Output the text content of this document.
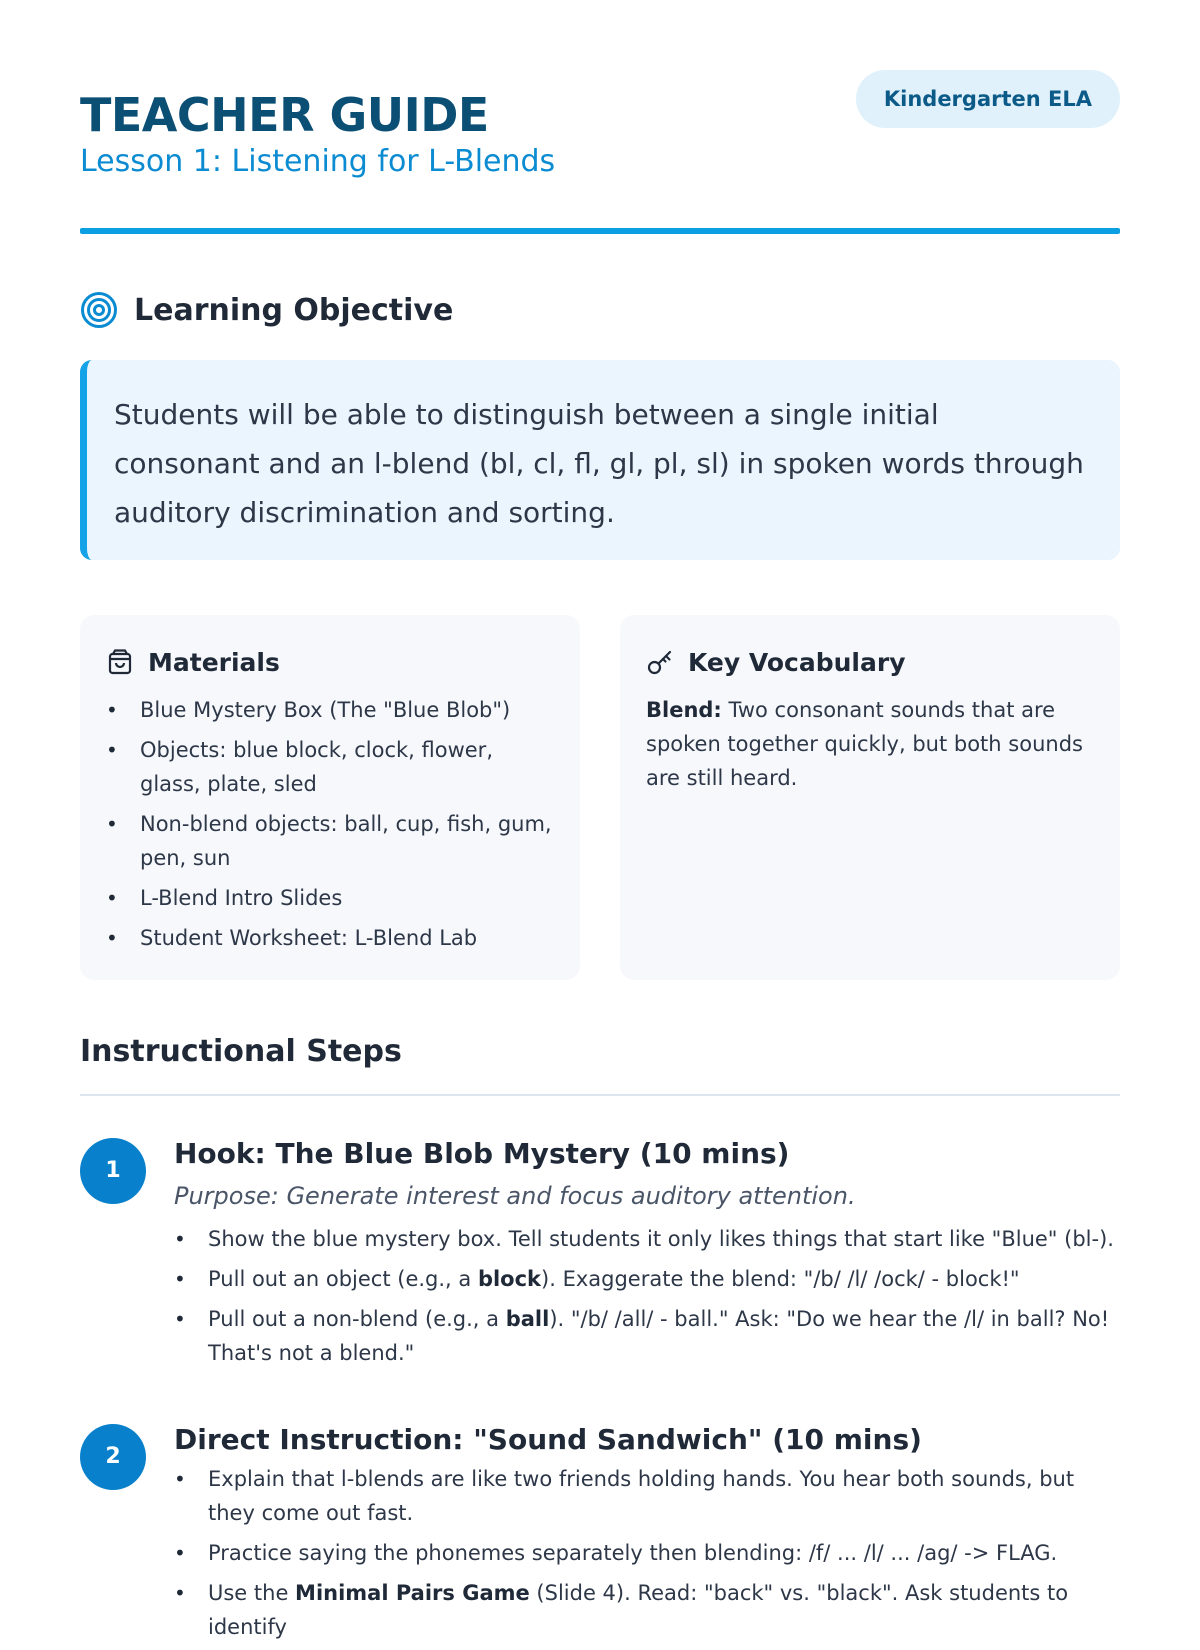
TEACHER GUIDE
Lesson 1: Listening for L-Blends
Kindergarten ELA
Learning Objective

Students will be able to distinguish between a single initial consonant and an l-blend (bl, cl, fl, gl, pl, sl) in spoken words through auditory discrimination and sorting.

Materials
• Blue Mystery Box (The "Blue Blob")
• Objects: blue block, clock, flower, glass, plate, sled
• Non-blend objects: ball, cup, fish, gum, pen, sun
• L-Blend Intro Slides
• Student Worksheet: L-Blend Lab
Key Vocabulary

Blend: Two consonant sounds that are spoken together quickly, but both sounds are still heard.

Instructional Steps
1
Hook: The Blue Blob Mystery (10 mins)
Purpose: Generate interest and focus auditory attention.
• Show the blue mystery box. Tell students it only likes things that start like "Blue" (bl-).
• Pull out an object (e.g., a block). Exaggerate the blend: "/b/ /l/ /ock/ - block!"
• Pull out a non-blend (e.g., a ball). "/b/ /all/ - ball." Ask: "Do we hear the /l/ in ball? No! That's not a blend."
2
Direct Instruction: "Sound Sandwich" (10 mins)
• Explain that l-blends are like two friends holding hands. You hear both sounds, but they come out fast.
• Practice saying the phonemes separately then blending: /f/ ... /l/ ... /ag/ -> FLAG.
• Use the Minimal Pairs Game (Slide 4). Read: "back" vs. "black". Ask students to identify
